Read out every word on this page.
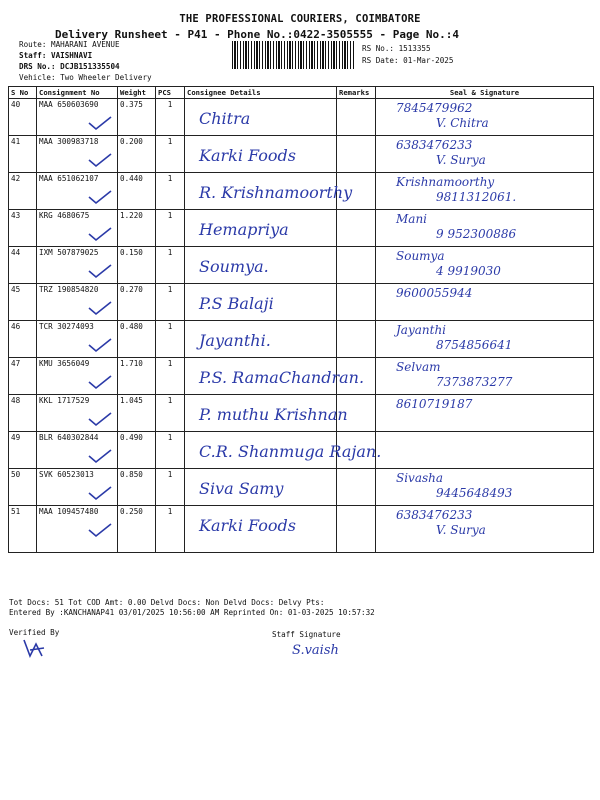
THE PROFESSIONAL COURIERS, COIMBATORE
Delivery Runsheet - P41 - Phone No.:0422-3505555 - Page No.:4
Route: MAHARANI AVENUE
Staff: VAISHNAVI
DRS No.: DCJB151335504
Vehicle: Two Wheeler Delivery
RS No.: 1513355
RS Date: 01-Mar-2025
S No	Consignment No	Weight	PCS	Consignee Details	Remarks	Seal & Signature
40	MAA 650603690	0.375	1	Chitra		7845479962
V. Chitra

41	MAA 300983718	0.200	1	Karki Foods		6383476233
V. Surya

42	MAA 651062107	0.440	1	R. Krishnamoorthy		Krishnamoorthy
9811312061.

43	KRG 4680675	1.220	1	Hemapriya		Mani
9 952300886

44	IXM 507879025	0.150	1	Soumya.		Soumya
4 9919030

45	TRZ 190854820	0.270	1	P.S Balaji		9600055944

46	TCR 30274093	0.480	1	Jayanthi.		Jayanthi
8754856641

47	KMU 3656049	1.710	1	P.S. RamaChandran.		Selvam
7373873277

48	KKL 1717529	1.045	1	P. muthu Krishnan		8610719187

49	BLR 640302844	0.490	1	C.R. Shanmuga Rajan.		

50	SVK 60523013	0.850	1	Siva Samy		Sivasha
9445648493

51	MAA 109457480	0.250	1	Karki Foods		6383476233
V. Surya
Tot Docs: 51 Tot COD Amt: 0.00 Delvd Docs: Non Delvd Docs: Delvy Pts:
Entered By :KANCHANAP41 03/01/2025 10:56:00 AM Reprinted On: 01-03-2025 10:57:32
Verified By	Staff Signature
S.vaish
